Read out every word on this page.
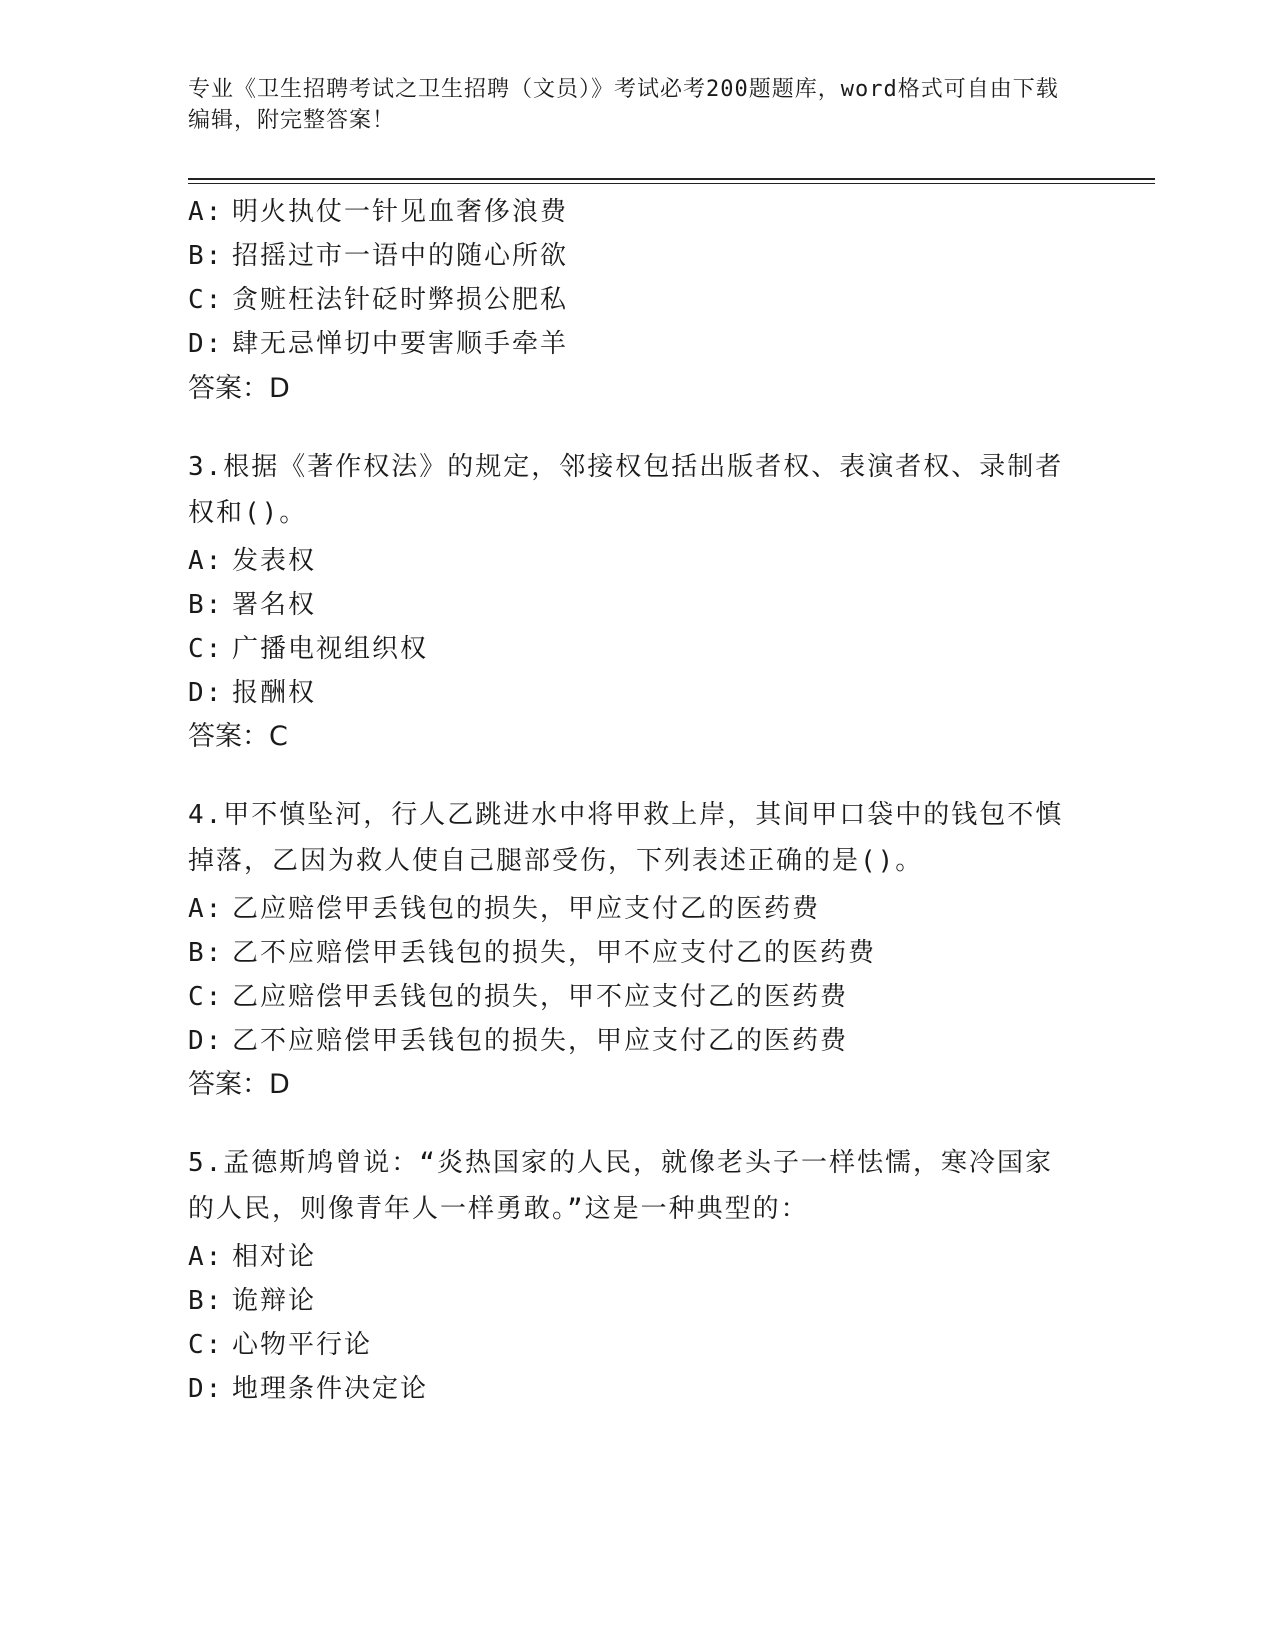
专业《卫生招聘考试之卫生招聘（文员）》考试必考200题题库，word格式可自由下载编辑，附完整答案！
A: 明火执仗一针见血奢侈浪费
B: 招摇过市一语中的随心所欲
C: 贪赃枉法针砭时弊损公肥私
D: 肆无忌惮切中要害顺手牵羊
答案：D
3.根据《著作权法》的规定，邻接权包括出版者权、表演者权、录制者权和()。
A: 发表权
B: 署名权
C: 广播电视组织权
D: 报酬权
答案：C
4.甲不慎坠河，行人乙跳进水中将甲救上岸，其间甲口袋中的钱包不慎掉落，乙因为救人使自己腿部受伤，下列表述正确的是()。
A: 乙应赔偿甲丢钱包的损失，甲应支付乙的医药费
B: 乙不应赔偿甲丢钱包的损失，甲不应支付乙的医药费
C: 乙应赔偿甲丢钱包的损失，甲不应支付乙的医药费
D: 乙不应赔偿甲丢钱包的损失，甲应支付乙的医药费
答案：D
5.孟德斯鸠曾说：“炎热国家的人民，就像老头子一样怯懦，寒冷国家的人民，则像青年人一样勇敢。”这是一种典型的：
A: 相对论
B: 诡辩论
C: 心物平行论
D: 地理条件决定论
